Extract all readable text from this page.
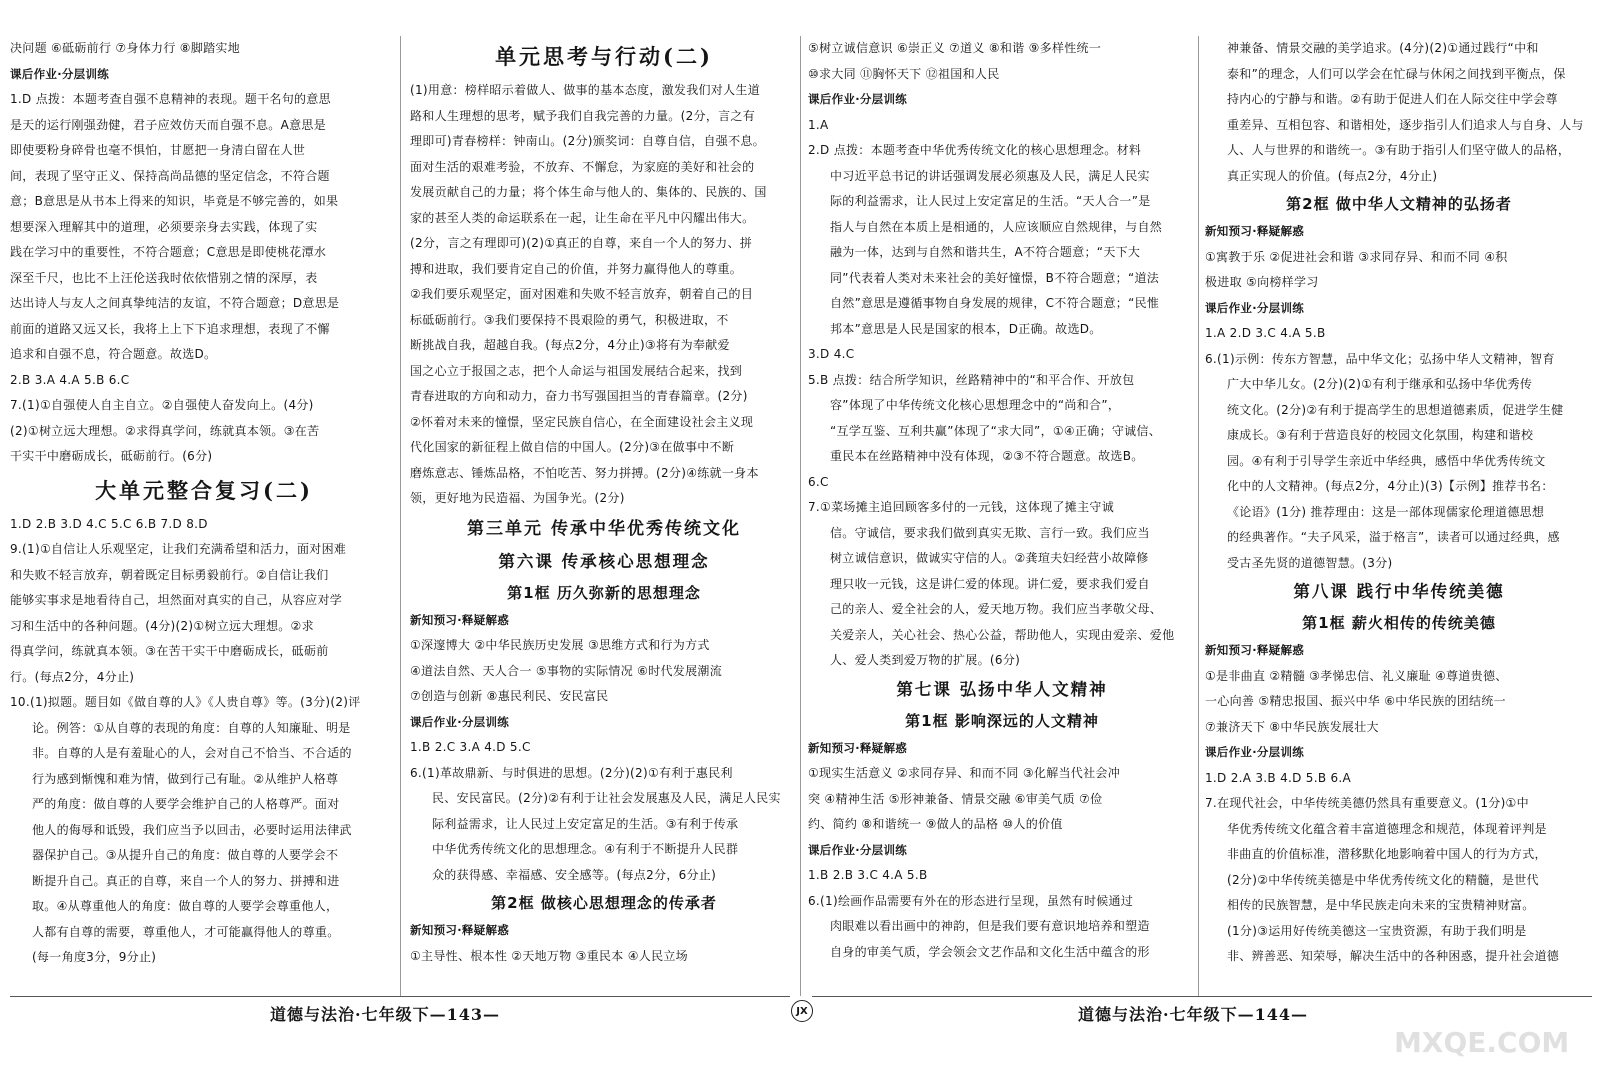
决问题 ⑥砥砺前行 ⑦身体力行 ⑧脚踏实地
课后作业·分层训练
1.D 点拨：本题考查自强不息精神的表现。题干名句的意思
是天的运行刚强劲健，君子应效仿天而自强不息。A意思是
即使要粉身碎骨也毫不惧怕，甘愿把一身清白留在人世
间，表现了坚守正义、保持高尚品德的坚定信念，不符合题
意；B意思是从书本上得来的知识，毕竟是不够完善的，如果
想要深入理解其中的道理，必须要亲身去实践，体现了实
践在学习中的重要性，不符合题意；C意思是即使桃花潭水
深至千尺，也比不上汪伦送我时依依惜别之情的深厚，表
达出诗人与友人之间真挚纯洁的友谊，不符合题意；D意思是
前面的道路又远又长，我将上上下下追求理想，表现了不懈
追求和自强不息，符合题意。故选D。
2.B 3.A 4.A 5.B 6.C
7.(1)①自强使人自主自立。②自强使人奋发向上。(4分)
(2)①树立远大理想。②求得真学问，练就真本领。③在苦
干实干中磨砺成长，砥砺前行。(6分)
大单元整合复习(二)
1.D 2.B 3.D 4.C 5.C 6.B 7.D 8.D
9.(1)①自信让人乐观坚定，让我们充满希望和活力，面对困难
和失败不轻言放弃，朝着既定目标勇毅前行。②自信让我们
能够实事求是地看待自己，坦然面对真实的自己，从容应对学
习和生活中的各种问题。(4分)(2)①树立远大理想。②求
得真学问，练就真本领。③在苦干实干中磨砺成长，砥砺前
行。(每点2分，4分止)
10.(1)拟题。题目如《做自尊的人》《人贵自尊》等。(3分)(2)评
论。例答：①从自尊的表现的角度：自尊的人知廉耻、明是
非。自尊的人是有羞耻心的人，会对自己不恰当、不合适的
行为感到惭愧和难为情，做到行己有耻。②从维护人格尊
严的角度：做自尊的人要学会维护自己的人格尊严。面对
他人的侮辱和诋毁，我们应当予以回击，必要时运用法律武
器保护自己。③从提升自己的角度：做自尊的人要学会不
断提升自己。真正的自尊，来自一个人的努力、拼搏和进
取。④从尊重他人的角度：做自尊的人要学会尊重他人，
人都有自尊的需要，尊重他人，才可能赢得他人的尊重。
(每一角度3分，9分止)
单元思考与行动(二)
(1)用意：榜样昭示着做人、做事的基本态度，激发我们对人生道
路和人生理想的思考，赋予我们自我完善的力量。(2分，言之有
理即可)青春榜样：钟南山。(2分)颁奖词：自尊自信，自强不息。
面对生活的艰难考验，不放弃、不懈怠，为家庭的美好和社会的
发展贡献自己的力量；将个体生命与他人的、集体的、民族的、国
家的甚至人类的命运联系在一起，让生命在平凡中闪耀出伟大。
(2分，言之有理即可)(2)①真正的自尊，来自一个人的努力、拼
搏和进取，我们要肯定自己的价值，并努力赢得他人的尊重。
②我们要乐观坚定，面对困难和失败不轻言放弃，朝着自己的目
标砥砺前行。③我们要保持不畏艰险的勇气，积极进取，不
断挑战自我，超越自我。(每点2分，4分止)③将有为奉献爱
国之心立于报国之志，把个人命运与祖国发展结合起来，找到
青春进取的方向和动力，奋力书写强国担当的青春篇章。(2分)
②怀着对未来的憧憬，坚定民族自信心，在全面建设社会主义现
代化国家的新征程上做自信的中国人。(2分)③在做事中不断
磨炼意志、锤炼品格，不怕吃苦、努力拼搏。(2分)④练就一身本
领，更好地为民造福、为国争光。(2分)
第三单元 传承中华优秀传统文化
第六课 传承核心思想理念
第1框 历久弥新的思想理念
新知预习·释疑解惑
①深邃博大 ②中华民族历史发展 ③思维方式和行为方式
④道法自然、天人合一 ⑤事物的实际情况 ⑥时代发展潮流
⑦创造与创新 ⑧惠民利民、安民富民
课后作业·分层训练
1.B 2.C 3.A 4.D 5.C
6.(1)革故鼎新、与时俱进的思想。(2分)(2)①有利于惠民利
民、安民富民。(2分)②有利于让社会发展惠及人民，满足人民实
际利益需求，让人民过上安定富足的生活。③有利于传承
中华优秀传统文化的思想理念。④有利于不断提升人民群
众的获得感、幸福感、安全感等。(每点2分，6分止)
第2框 做核心思想理念的传承者
新知预习·释疑解惑
①主导性、根本性 ②天地万物 ③重民本 ④人民立场
⑤树立诚信意识 ⑥崇正义 ⑦道义 ⑧和谐 ⑨多样性统一
⑩求大同 ⑪胸怀天下 ⑫祖国和人民
课后作业·分层训练
1.A
2.D 点拨：本题考查中华优秀传统文化的核心思想理念。材料
中习近平总书记的讲话强调发展必须惠及人民，满足人民实
际的利益需求，让人民过上安定富足的生活。“天人合一”是
指人与自然在本质上是相通的，人应该顺应自然规律，与自然
融为一体，达到与自然和谐共生，A不符合题意；“天下大
同”代表着人类对未来社会的美好憧憬，B不符合题意；“道法
自然”意思是遵循事物自身发展的规律，C不符合题意；“民惟
邦本”意思是人民是国家的根本，D正确。故选D。
3.D 4.C
5.B 点拨：结合所学知识，丝路精神中的“和平合作、开放包
容”体现了中华传统文化核心思想理念中的“尚和合”，
“互学互鉴、互利共赢”体现了“求大同”，①④正确；守诚信、
重民本在丝路精神中没有体现，②③不符合题意。故选B。
6.C
7.①菜场摊主追回顾客多付的一元钱，这体现了摊主守诚
信。守诚信，要求我们做到真实无欺、言行一致。我们应当
树立诚信意识，做诚实守信的人。②龚瑄夫妇经营小故障修
理只收一元钱，这是讲仁爱的体现。讲仁爱，要求我们爱自
己的亲人、爱全社会的人，爱天地万物。我们应当孝敬父母、
关爱亲人，关心社会、热心公益，帮助他人，实现由爱亲、爱他
人、爱人类到爱万物的扩展。(6分)
第七课 弘扬中华人文精神
第1框 影响深远的人文精神
新知预习·释疑解惑
①现实生活意义 ②求同存异、和而不同 ③化解当代社会冲
突 ④精神生活 ⑤形神兼备、情景交融 ⑥审美气质 ⑦俭
约、简约 ⑧和谐统一 ⑨做人的品格 ⑩人的价值
课后作业·分层训练
1.B 2.B 3.C 4.A 5.B
6.(1)绘画作品需要有外在的形态进行呈现，虽然有时候通过
肉眼难以看出画中的神韵，但是我们要有意识地培养和塑造
自身的审美气质，学会领会文艺作品和文化生活中蕴含的形
神兼备、情景交融的美学追求。(4分)(2)①通过践行“中和
泰和”的理念，人们可以学会在忙碌与休闲之间找到平衡点，保
持内心的宁静与和谐。②有助于促进人们在人际交往中学会尊
重差异、互相包容、和谐相处，逐步指引人们追求人与自身、人与
人、人与世界的和谐统一。③有助于指引人们坚守做人的品格，
真正实现人的价值。(每点2分，4分止)
第2框 做中华人文精神的弘扬者
新知预习·释疑解惑
①寓教于乐 ②促进社会和谐 ③求同存异、和而不同 ④积
极进取 ⑤向榜样学习
课后作业·分层训练
1.A 2.D 3.C 4.A 5.B
6.(1)示例：传东方智慧，品中华文化；弘扬中华人文精神，智育
广大中华儿女。(2分)(2)①有利于继承和弘扬中华优秀传
统文化。(2分)②有利于提高学生的思想道德素质，促进学生健
康成长。③有利于营造良好的校园文化氛围，构建和谐校
园。④有利于引导学生亲近中华经典，感悟中华优秀传统文
化中的人文精神。(每点2分，4分止)(3)【示例】推荐书名：
《论语》(1分) 推荐理由：这是一部体现儒家伦理道德思想
的经典著作。“夫子风采，溢于格言”，读者可以通过经典，感
受古圣先贤的道德智慧。(3分)
第八课 践行中华传统美德
第1框 薪火相传的传统美德
新知预习·释疑解惑
①是非曲直 ②精髓 ③孝悌忠信、礼义廉耻 ④尊道贵德、
一心向善 ⑤精忠报国、振兴中华 ⑥中华民族的团结统一
⑦兼济天下 ⑧中华民族发展壮大
课后作业·分层训练
1.D 2.A 3.B 4.D 5.B 6.A
7.在现代社会，中华传统美德仍然具有重要意义。(1分)①中
华优秀传统文化蕴含着丰富道德理念和规范，体现着评判是
非曲直的价值标准，潜移默化地影响着中国人的行为方式，
(2分)②中华传统美德是中华优秀传统文化的精髓，是世代
相传的民族智慧，是中华民族走向未来的宝贵精神财富。
(1分)③运用好传统美德这一宝贵资源，有助于我们明是
非、辨善恶、知荣辱，解决生活中的各种困惑，提升社会道德
道德与法治·七年级下—143—	JX	道德与法治·七年级下—144—
MXQE.COM
